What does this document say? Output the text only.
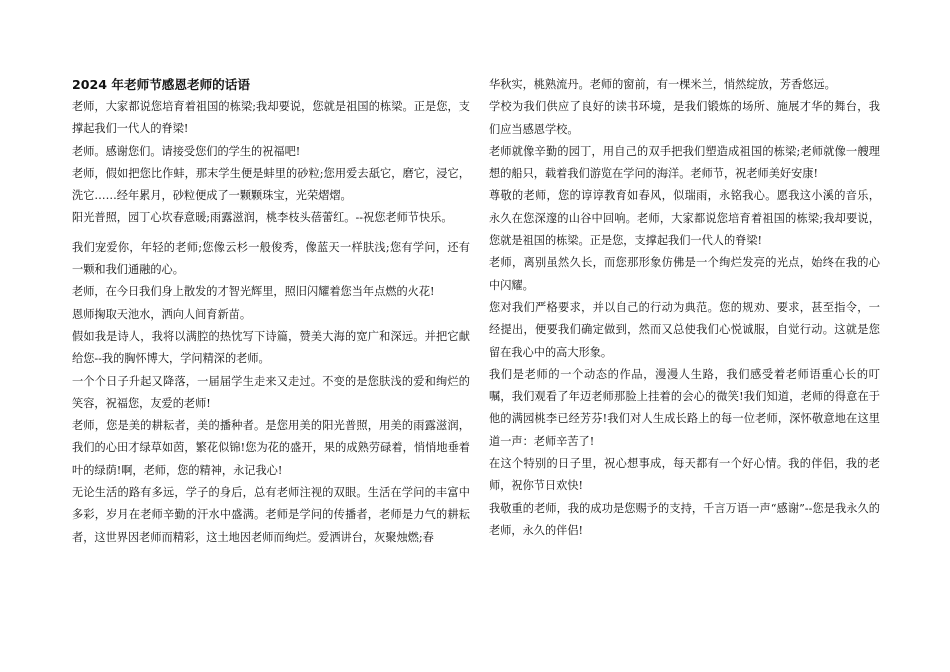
2024 年老师节感恩老师的话语

老师，大家都说您培育着祖国的栋梁;我却要说，您就是祖国的栋梁。正是您，支撑起我们一代人的脊梁!

老师。感谢您们。请接受您们的学生的祝福吧!

老师，假如把您比作蚌，那末学生便是蚌里的砂粒;您用爱去舐它，磨它，浸它，洗它……经年累月，砂粒便成了一颗颗珠宝，光荣熠熠。

阳光普照，园丁心坎春意暖;雨露滋润，桃李枝头蓓蕾红。--祝您老师节快乐。

我们宠爱你，年轻的老师;您像云杉一般俊秀，像蓝天一样肤浅;您有学问，还有一颗和我们通融的心。

老师，在今日我们身上散发的才智光辉里，照旧闪耀着您当年点燃的火花!

恩师掬取天池水，洒向人间育新苗。

假如我是诗人，我将以满腔的热忱写下诗篇，赞美大海的宽广和深远。并把它献给您--我的胸怀博大，学问精深的老师。

一个个日子升起又降落，一届届学生走来又走过。不变的是您肤浅的爱和绚烂的笑容，祝福您，友爱的老师!

老师，您是美的耕耘者，美的播种者。是您用美的阳光普照，用美的雨露滋润，我们的心田才绿草如茵，繁花似锦!您为花的盛开，果的成熟劳碌着，悄悄地垂着叶的绿荫!啊，老师，您的精神，永记我心!

无论生活的路有多远，学子的身后，总有老师注视的双眼。生活在学问的丰富中多彩，岁月在老师辛勤的汗水中盛满。老师是学问的传播者，老师是力气的耕耘者，这世界因老师而精彩，这土地因老师而绚烂。爱洒讲台，灰聚烛燃;春

华秋实，桃熟流丹。老师的窗前，有一棵米兰，悄然绽放，芳香悠远。

学校为我们供应了良好的读书环境，是我们锻炼的场所、施展才华的舞台，我们应当感恩学校。

老师就像辛勤的园丁，用自己的双手把我们塑造成祖国的栋梁;老师就像一艘理想的船只，载着我们游览在学问的海洋。老师节，祝老师美好安康!

尊敬的老师，您的谆谆教育如春风，似瑞雨，永铭我心。愿我这小溪的音乐，永久在您深邃的山谷中回响。老师，大家都说您培育着祖国的栋梁;我却要说，您就是祖国的栋梁。正是您，支撑起我们一代人的脊梁!

老师，离别虽然久长，而您那形象仿佛是一个绚烂发亮的光点，始终在我的心中闪耀。

您对我们严格要求，并以自己的行动为典范。您的规劝、要求，甚至指令，一经提出，便要我们确定做到，然而又总使我们心悦诚服，自觉行动。这就是您留在我心中的高大形象。

我们是老师的一个动态的作品，漫漫人生路，我们感受着老师语重心长的叮嘱，我们观看了年迈老师那脸上挂着的会心的微笑!我们知道，老师的得意在于他的满园桃李已经芳芬!我们对人生成长路上的每一位老师，深怀敬意地在这里道一声：老师辛苦了!

在这个特别的日子里，祝心想事成，每天都有一个好心情。我的伴侣，我的老师，祝你节日欢快!

我敬重的老师，我的成功是您赐予的支持，千言万语一声“感谢”--您是我永久的老师，永久的伴侣!
